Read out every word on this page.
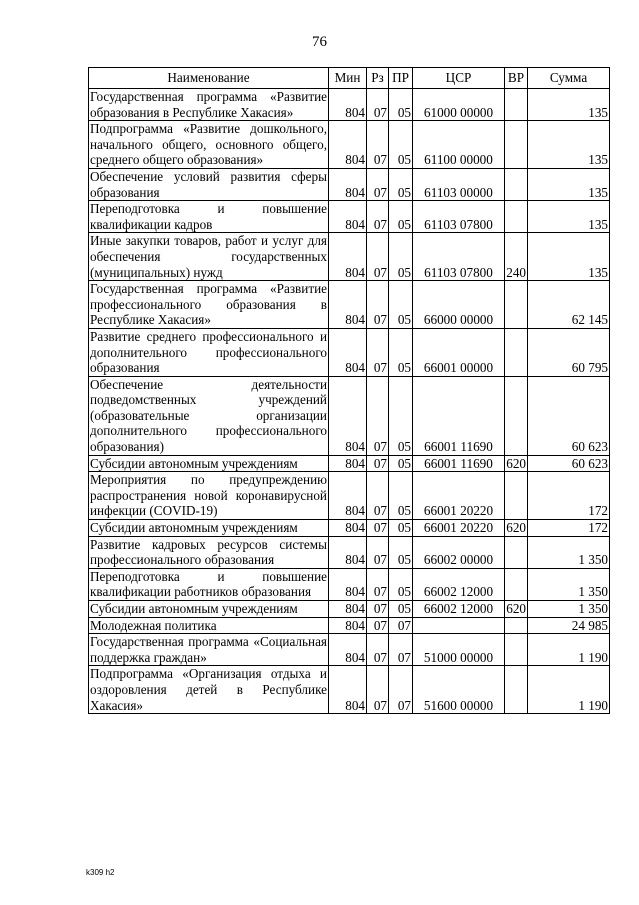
76
Наименование	Мин	Рз	ПР	ЦСР	ВР	Сумма
Государственная программа «Развитие образования в Республике Хакасия»	804	07	05	61000 00000		135
Подпрограмма «Развитие дошкольного, начального общего, основного общего, среднего общего образования»	804	07	05	61100 00000		135
Обеспечение условий развития сферы образования	804	07	05	61103 00000		135
Переподготовка и повышение квалификации кадров	804	07	05	61103 07800		135
Иные закупки товаров, работ и услуг для обеспечения государственных (муниципальных) нужд	804	07	05	61103 07800	240	135
Государственная программа «Развитие профессионального образования в Республике Хакасия»	804	07	05	66000 00000		62 145
Развитие среднего профессионального и дополнительного профессионального образования	804	07	05	66001 00000		60 795
Обеспечение деятельности подведомственных учреждений (образовательные организации дополнительного профессионального образования)	804	07	05	66001 11690		60 623
Субсидии автономным учреждениям	804	07	05	66001 11690	620	60 623
Мероприятия по предупреждению распространения новой коронавирусной инфекции (COVID-19)	804	07	05	66001 20220		172
Субсидии автономным учреждениям	804	07	05	66001 20220	620	172
Развитие кадровых ресурсов системы профессионального образования	804	07	05	66002 00000		1 350
Переподготовка и повышение квалификации работников образования	804	07	05	66002 12000		1 350
Субсидии автономным учреждениям	804	07	05	66002 12000	620	1 350
Молодежная политика	804	07	07			24 985
Государственная программа «Социальная поддержка граждан»	804	07	07	51000 00000		1 190
Подпрограмма «Организация отдыха и оздоровления детей в Республике Хакасия»	804	07	07	51600 00000		1 190
k309 h2
